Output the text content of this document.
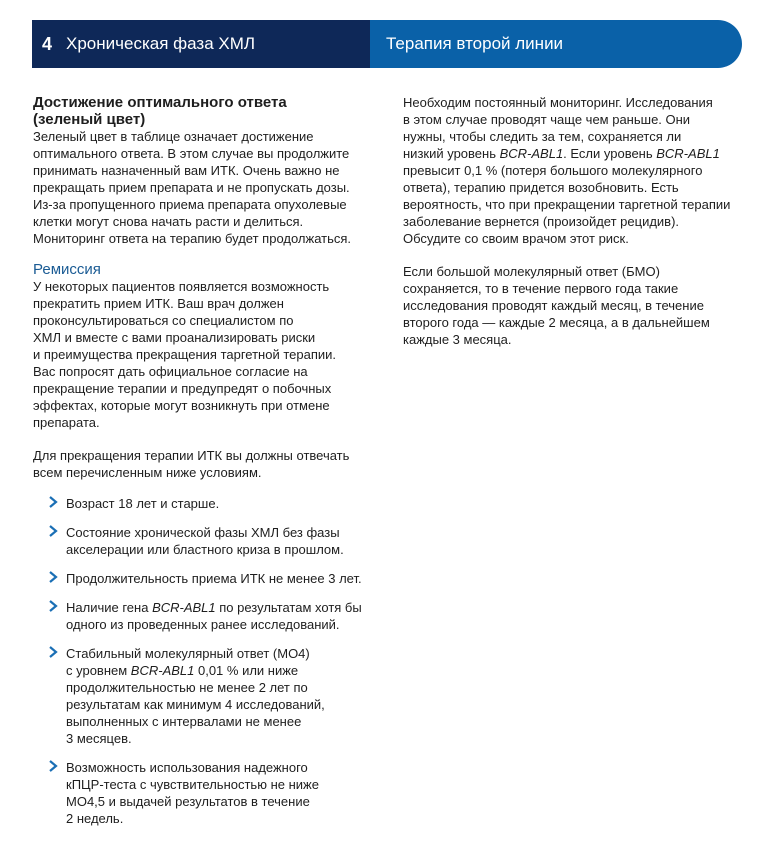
4 Хроническая фаза ХМЛ	Терапия второй линии
Достижение оптимального ответа
(зеленый цвет)

Зеленый цвет в таблице означает достижение
оптимального ответа. В этом случае вы продолжите
принимать назначенный вам ИТК. Очень важно не
прекращать прием препарата и не пропускать дозы.
Из-за пропущенного приема препарата опухолевые
клетки могут снова начать расти и делиться.
Мониторинг ответа на терапию будет продолжаться.

Ремиссия

У некоторых пациентов появляется возможность
прекратить прием ИТК. Ваш врач должен
проконсультироваться со специалистом по
ХМЛ и вместе с вами проанализировать риски
и преимущества прекращения таргетной терапии.
Вас попросят дать официальное согласие на
прекращение терапии и предупредят о побочных
эффектах, которые могут возникнуть при отмене
препарата.

Для прекращения терапии ИТК вы должны отвечать
всем перечисленным ниже условиям.

Возраст 18 лет и старше.
Состояние хронической фазы ХМЛ без фазы
акселерации или бластного криза в прошлом.
Продолжительность приема ИТК не менее 3 лет.
Наличие гена BCR-ABL1 по результатам хотя бы
одного из проведенных ранее исследований.
Стабильный молекулярный ответ (МО4)
с уровнем BCR-ABL1 0,01 % или ниже
продолжительностью не менее 2 лет по
результатам как минимум 4 исследований,
выполненных с интервалами не менее
3 месяцев.
Возможность использования надежного
кПЦР-теста с чувствительностью не ниже
МО4,5 и выдачей результатов в течение
2 недель.

Необходим постоянный мониторинг. Исследования
в этом случае проводят чаще чем раньше. Они
нужны, чтобы следить за тем, сохраняется ли
низкий уровень BCR-ABL1. Если уровень BCR-ABL1
превысит 0,1 % (потеря большого молекулярного
ответа), терапию придется возобновить. Есть
вероятность, что при прекращении таргетной терапии
заболевание вернется (произойдет рецидив).
Обсудите со своим врачом этот риск.

Если большой молекулярный ответ (БМО)
сохраняется, то в течение первого года такие
исследования проводят каждый месяц, в течение
второго года — каждые 2 месяца, а в дальнейшем
каждые 3 месяца.
